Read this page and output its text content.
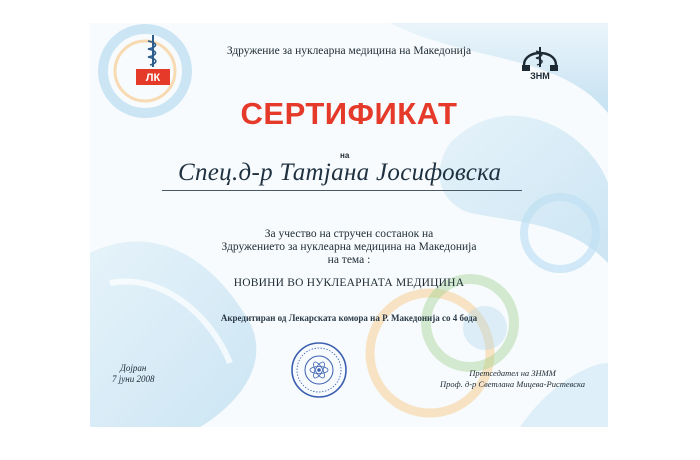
ЛК	ЗНМ
Здружение за нуклеарна медицина на Македонија
СЕРТИФИКАТ
на
Спец.д-р Татјана Јосифовска
За учество на стручен состанок на
Здружението за нуклеарна медицина на Македонија
на тема :
НОВИНИ ВО НУКЛЕАРНАТА МЕДИЦИНА
Акредитиран од Лекарската комора на Р. Македонија со 4 бода
Дојран
7 јуни 2008
Претседател на ЗНММ
Проф. д-р Светлана Мицева-Ристевска
